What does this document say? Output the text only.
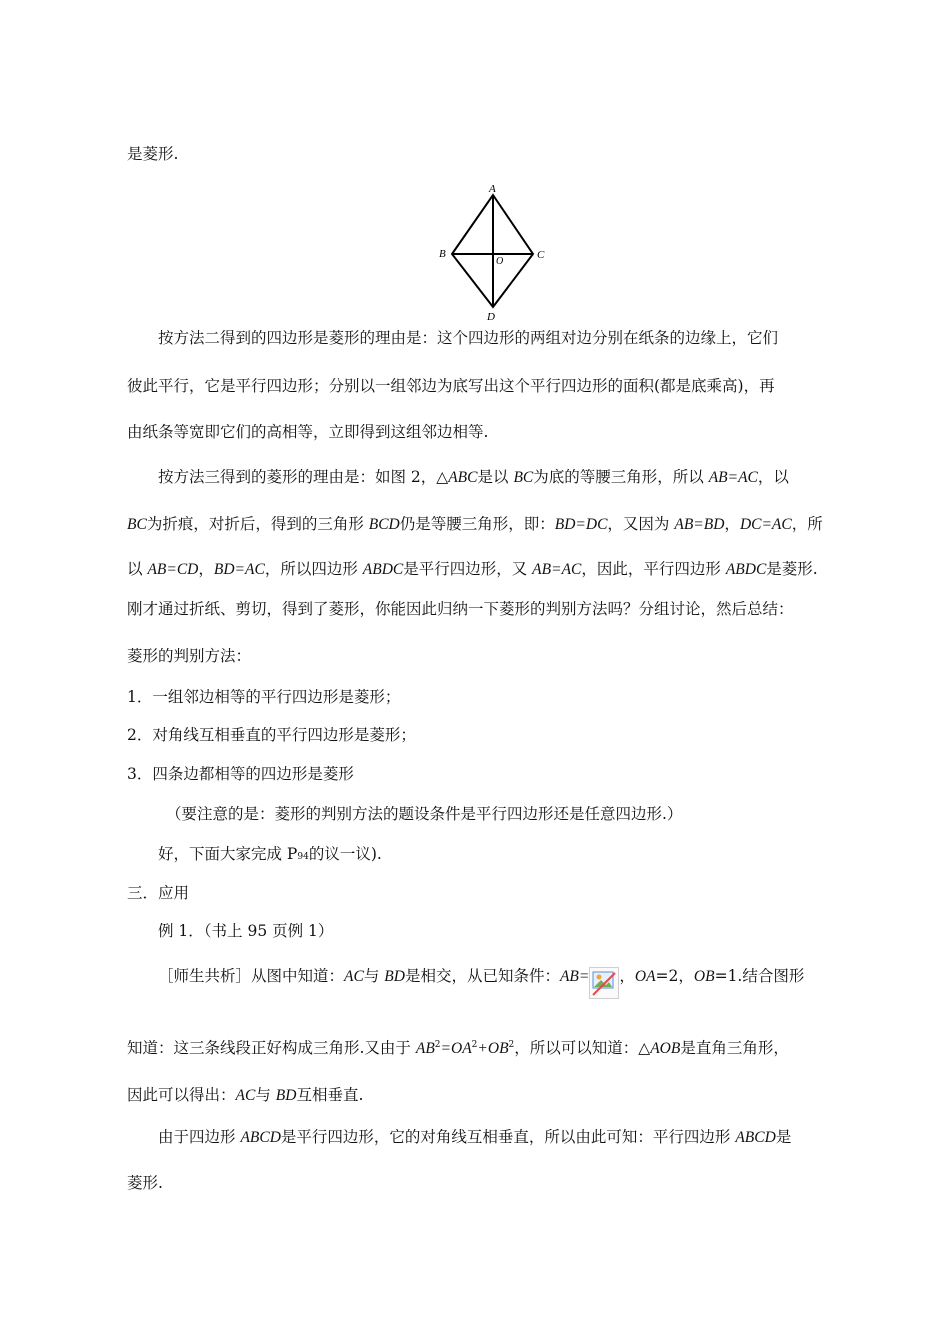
是菱形.
A
B	C
O
D
按方法二得到的四边形是菱形的理由是：这个四边形的两组对边分别在纸条的边缘上，它们
彼此平行，它是平行四边形；分别以一组邻边为底写出这个平行四边形的面积(都是底乘高)，再
由纸条等宽即它们的高相等，立即得到这组邻边相等.
按方法三得到的菱形的理由是：如图 2，△ABC是以 BC为底的等腰三角形，所以 AB=AC，以
BC为折痕，对折后，得到的三角形 BCD仍是等腰三角形，即：BD=DC，又因为 AB=BD，DC=AC，所
以 AB=CD，BD=AC，所以四边形 ABDC是平行四边形，又 AB=AC，因此，平行四边形 ABDC是菱形.
刚才通过折纸、剪切，得到了菱形，你能因此归纳一下菱形的判别方法吗？分组讨论，然后总结：
菱形的判别方法：
1．一组邻边相等的平行四边形是菱形；
2．对角线互相垂直的平行四边形是菱形；
3．四条边都相等的四边形是菱形
（要注意的是：菱形的判别方法的题设条件是平行四边形还是任意四边形.）
好，下面大家完成 P94的议一议).
三．应用
例 1．（书上 95 页例 1）
［师生共析］从图中知道：AC与 BD是相交，从已知条件：AB= ，OA=2，OB=1.结合图形
知道：这三条线段正好构成三角形.又由于 $AB^2=OA^2+OB^2$，所以可以知道：△AOB是直角三角形，
因此可以得出：AC与 BD互相垂直.
由于四边形 ABCD是平行四边形，它的对角线互相垂直，所以由此可知：平行四边形 ABCD是
菱形.
